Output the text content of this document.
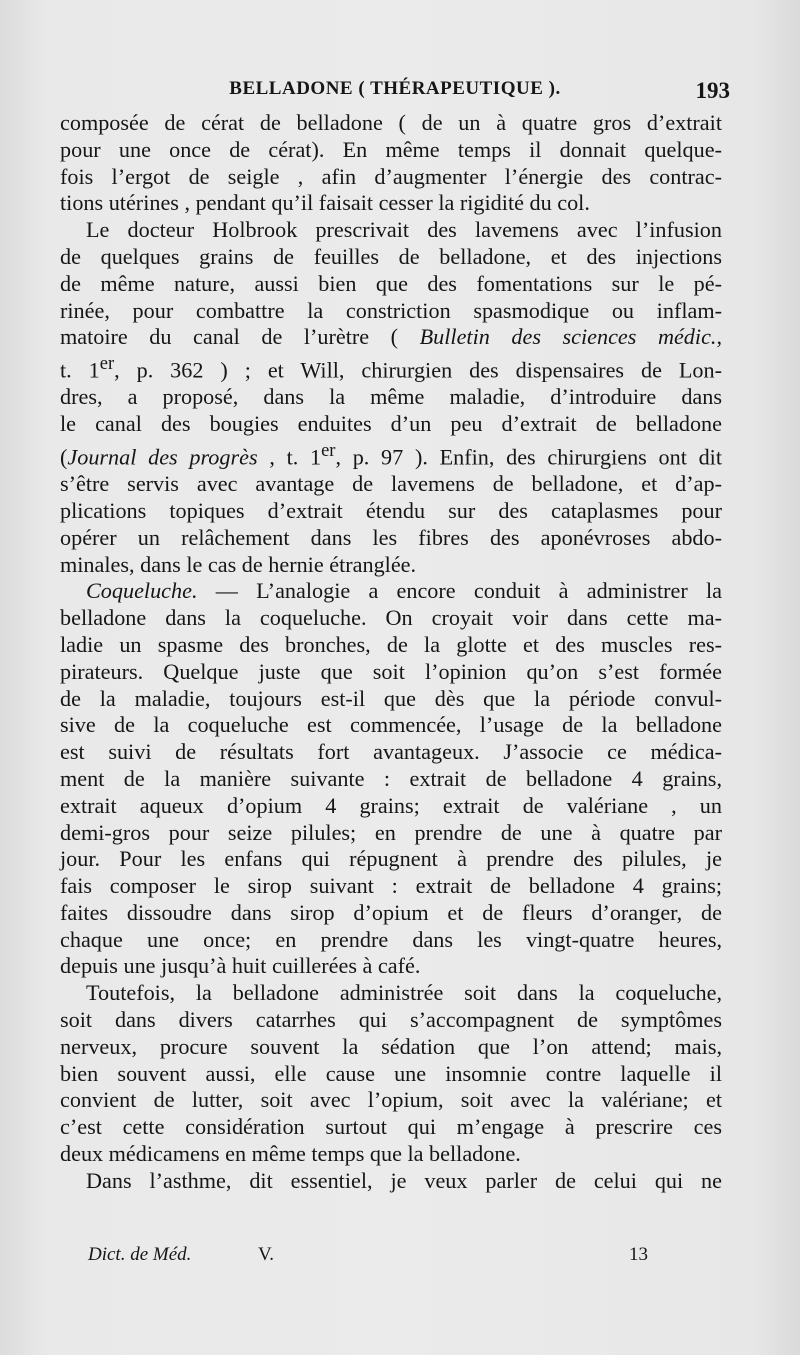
BELLADONE ( THÉRAPEUTIQUE ).	193

composée de cérat de belladone ( de un à quatre gros d’extrait

pour une once de cérat). En même temps il donnait quelque-

fois l’ergot de seigle , afin d’augmenter l’énergie des contrac-

tions utérines , pendant qu’il faisait cesser la rigidité du col.

Le docteur Holbrook prescrivait des lavemens avec l’infusion

de quelques grains de feuilles de belladone, et des injections

de même nature, aussi bien que des fomentations sur le pé-

rinée, pour combattre la constriction spasmodique ou inflam-

matoire du canal de l’urètre ( Bulletin des sciences médic.,

t. 1er, p. 362 ) ; et Will, chirurgien des dispensaires de Lon-

dres, a proposé, dans la même maladie, d’introduire dans

le canal des bougies enduites d’un peu d’extrait de belladone

(Journal des progrès , t. 1er, p. 97 ). Enfin, des chirurgiens ont dit

s’être servis avec avantage de lavemens de belladone, et d’ap-

plications topiques d’extrait étendu sur des cataplasmes pour

opérer un relâchement dans les fibres des aponévroses abdo-

minales, dans le cas de hernie étranglée.

Coqueluche. — L’analogie a encore conduit à administrer la

belladone dans la coqueluche. On croyait voir dans cette ma-

ladie un spasme des bronches, de la glotte et des muscles res-

pirateurs. Quelque juste que soit l’opinion qu’on s’est formée

de la maladie, toujours est-il que dès que la période convul-

sive de la coqueluche est commencée, l’usage de la belladone

est suivi de résultats fort avantageux. J’associe ce médica-

ment de la manière suivante : extrait de belladone 4 grains,

extrait aqueux d’opium 4 grains; extrait de valériane , un

demi-gros pour seize pilules; en prendre de une à quatre par

jour. Pour les enfans qui répugnent à prendre des pilules, je

fais composer le sirop suivant : extrait de belladone 4 grains;

faites dissoudre dans sirop d’opium et de fleurs d’oranger, de

chaque une once; en prendre dans les vingt-quatre heures,

depuis une jusqu’à huit cuillerées à café.

Toutefois, la belladone administrée soit dans la coqueluche,

soit dans divers catarrhes qui s’accompagnent de symptômes

nerveux, procure souvent la sédation que l’on attend; mais,

bien souvent aussi, elle cause une insomnie contre laquelle il

convient de lutter, soit avec l’opium, soit avec la valériane; et

c’est cette considération surtout qui m’engage à prescrire ces

deux médicamens en même temps que la belladone.

Dans l’asthme, dit essentiel, je veux parler de celui qui ne

Dict. de Méd.	V.	13
